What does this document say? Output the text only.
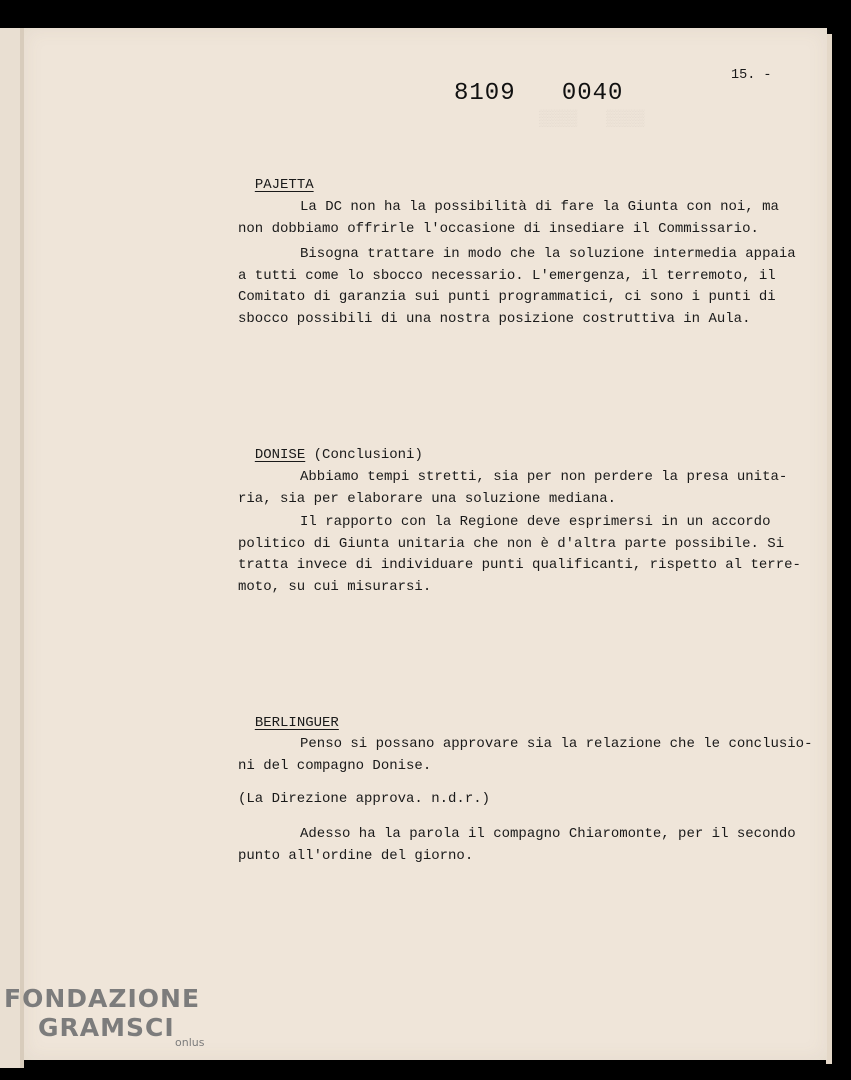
▒▒▒▒   ▒▒▒▒
8109   0040
15. -

PAJETTA

La DC non ha la possibilità di fare la Giunta con noi, ma
non dobbiamo offrirle l'occasione di insediare il Commissario.

Bisogna trattare in modo che la soluzione intermedia appaia
a tutti come lo sbocco necessario. L'emergenza, il terremoto, il
Comitato di garanzia sui punti programmatici, ci sono i punti di
sbocco possibili di una nostra posizione costruttiva in Aula.

DONISE (Conclusioni)

Abbiamo tempi stretti, sia per non perdere la presa unita-
ria, sia per elaborare una soluzione mediana.

Il rapporto con la Regione deve esprimersi in un accordo
politico di Giunta unitaria che non è d'altra parte possibile. Si
tratta invece di individuare punti qualificanti, rispetto al terre-
moto, su cui misurarsi.

BERLINGUER

Penso si possano approvare sia la relazione che le conclusio-
ni del compagno Donise.

(La Direzione approva. n.d.r.)

Adesso ha la parola il compagno Chiaromonte, per il secondo
punto all'ordine del giorno.

FONDAZIONE
GRAMSCI
onlus
